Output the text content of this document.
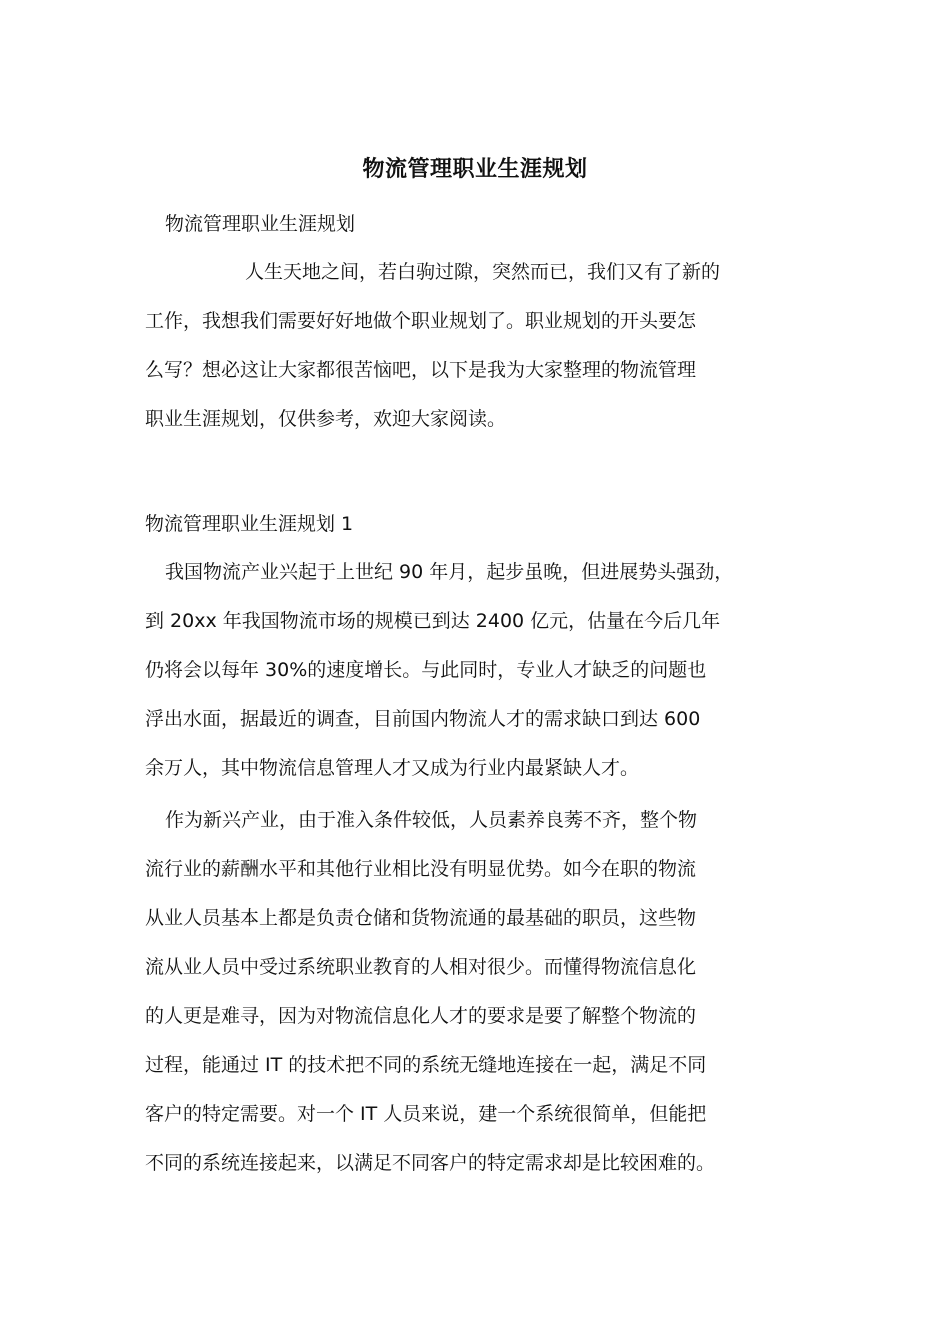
物流管理职业生涯规划
物流管理职业生涯规划
人生天地之间，若白驹过隙，突然而已，我们又有了新的
工作，我想我们需要好好地做个职业规划了。职业规划的开头要怎
么写？想必这让大家都很苦恼吧，以下是我为大家整理的物流管理
职业生涯规划，仅供参考，欢迎大家阅读。
物流管理职业生涯规划 1
我国物流产业兴起于上世纪 90 年月，起步虽晚，但进展势头强劲，
到 20xx 年我国物流市场的规模已到达 2400 亿元，估量在今后几年
仍将会以每年 30%的速度增长。与此同时，专业人才缺乏的问题也
浮出水面，据最近的调查，目前国内物流人才的需求缺口到达 600
余万人，其中物流信息管理人才又成为行业内最紧缺人才。
作为新兴产业，由于准入条件较低，人员素养良莠不齐，整个物
流行业的薪酬水平和其他行业相比没有明显优势。如今在职的物流
从业人员基本上都是负责仓储和货物流通的最基础的职员，这些物
流从业人员中受过系统职业教育的人相对很少。而懂得物流信息化
的人更是难寻，因为对物流信息化人才的要求是要了解整个物流的
过程，能通过 IT 的技术把不同的系统无缝地连接在一起，满足不同
客户的特定需要。对一个 IT 人员来说，建一个系统很简单，但能把
不同的系统连接起来，以满足不同客户的特定需求却是比较困难的。
